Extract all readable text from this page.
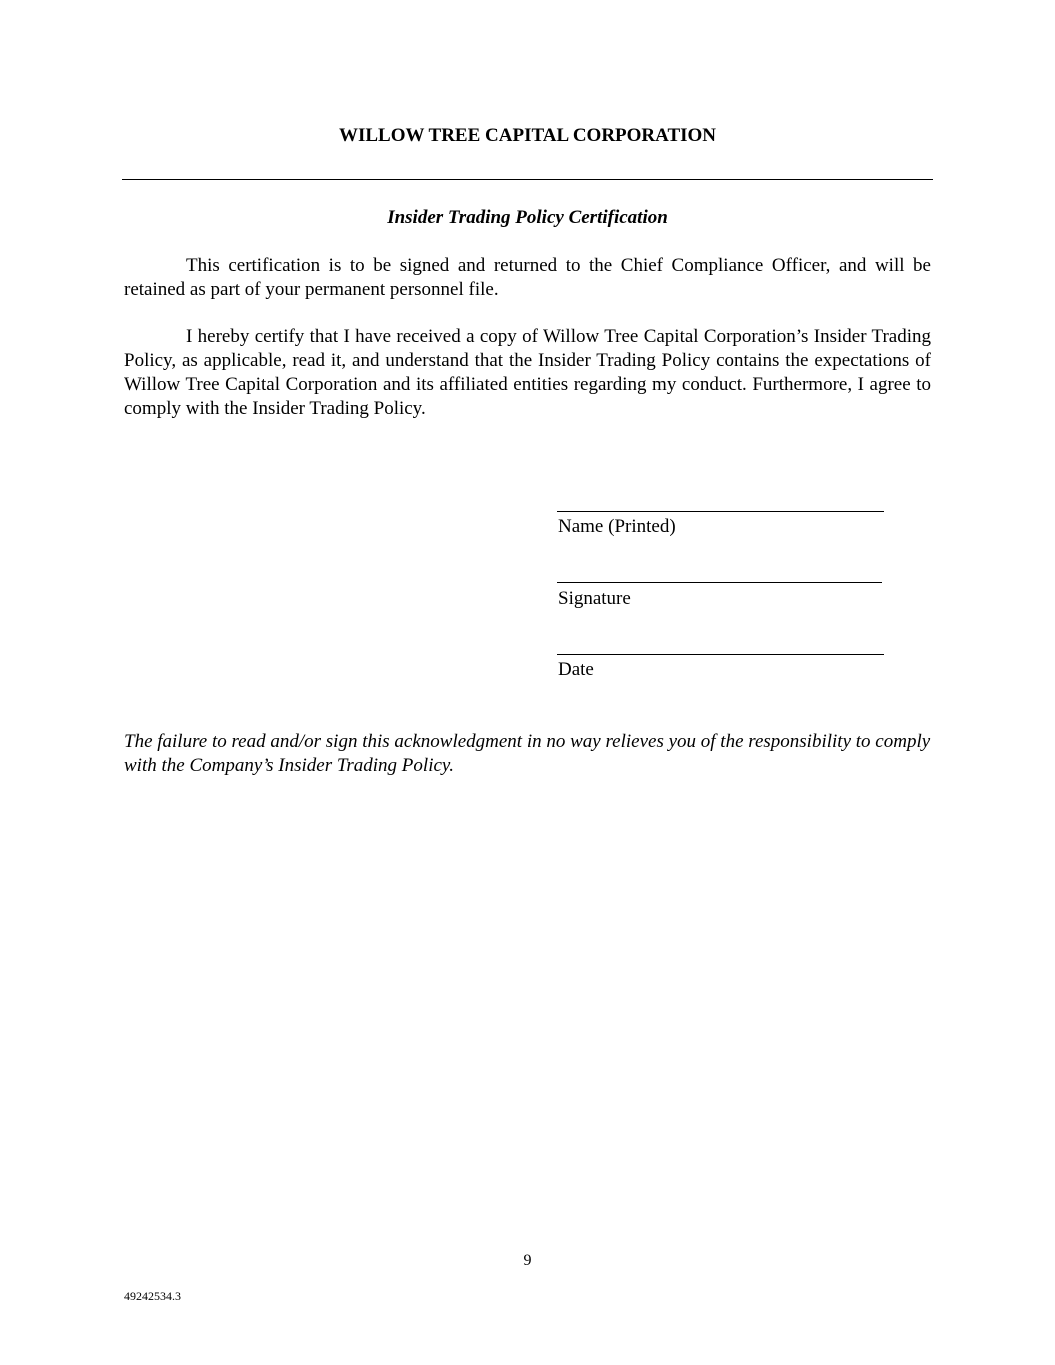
WILLOW TREE CAPITAL CORPORATION
Insider Trading Policy Certification

This certification is to be signed and returned to the Chief Compliance Officer, and will be retained as part of your permanent personnel file.

I hereby certify that I have received a copy of Willow Tree Capital Corporation’s Insider Trading Policy, as applicable, read it, and understand that the Insider Trading Policy contains the expectations of Willow Tree Capital Corporation and its affiliated entities regarding my conduct. Furthermore, I agree to comply with the Insider Trading Policy.

Name (Printed)

Signature

Date

The failure to read and/or sign this acknowledgment in no way relieves you of the responsibility to comply with the Company’s Insider Trading Policy.

9

49242534.3
